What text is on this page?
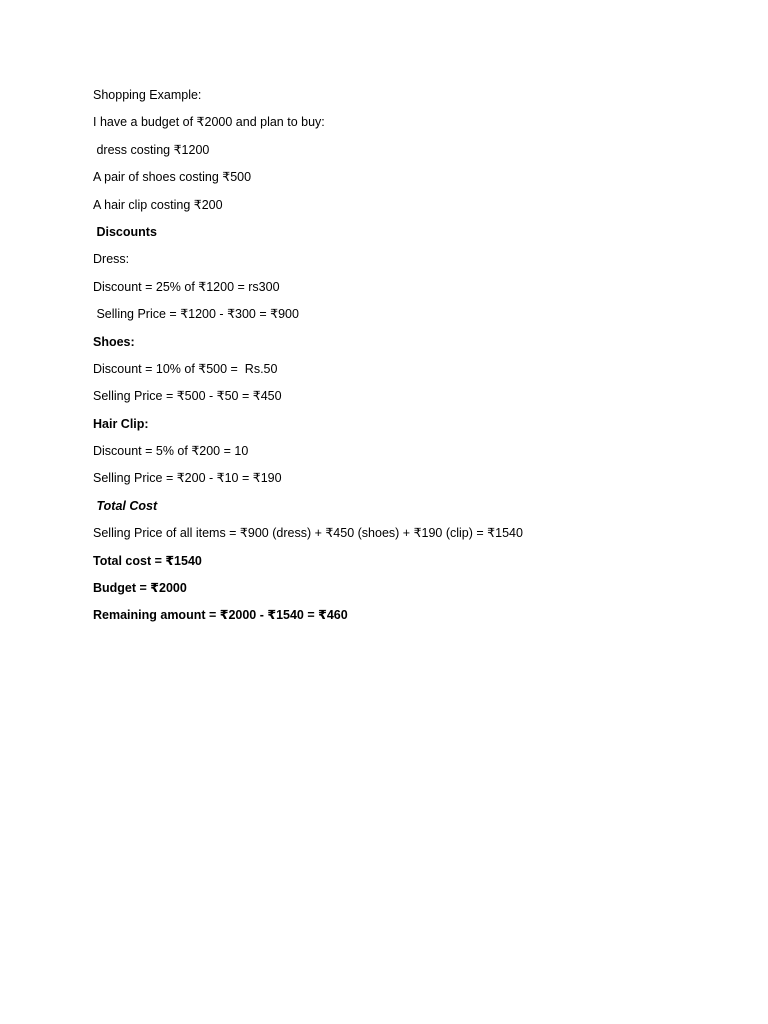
Shopping Example:
I have a budget of ₹2000 and plan to buy:
dress costing ₹1200
A pair of shoes costing ₹500
A hair clip costing ₹200
Discounts
Dress:
Discount = 25% of ₹1200 = rs300
Selling Price = ₹1200 - ₹300 = ₹900
Shoes:
Discount = 10% of ₹500 =  Rs.50
Selling Price = ₹500 - ₹50 = ₹450
Hair Clip:
Discount = 5% of ₹200 = 10
Selling Price = ₹200 - ₹10 = ₹190
Total Cost
Selling Price of all items = ₹900 (dress) + ₹450 (shoes) + ₹190 (clip) = ₹1540
Total cost = ₹1540
Budget = ₹2000
Remaining amount = ₹2000 - ₹1540 = ₹460
